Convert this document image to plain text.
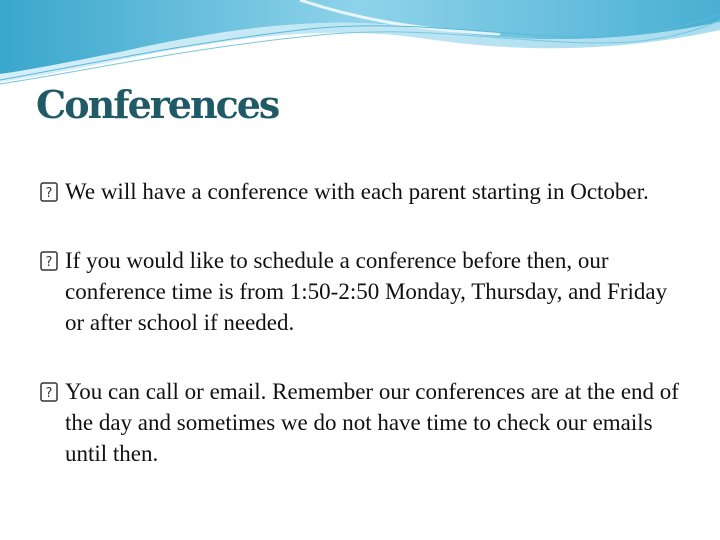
Conferences
? We will have a conference with each parent starting in October.
? If you would like to schedule a conference before then, our conference time is from 1:50-2:50 Monday, Thursday, and Friday or after school if needed.
? You can call or email. Remember our conferences are at the end of the day and sometimes we do not have time to check our emails until then.
